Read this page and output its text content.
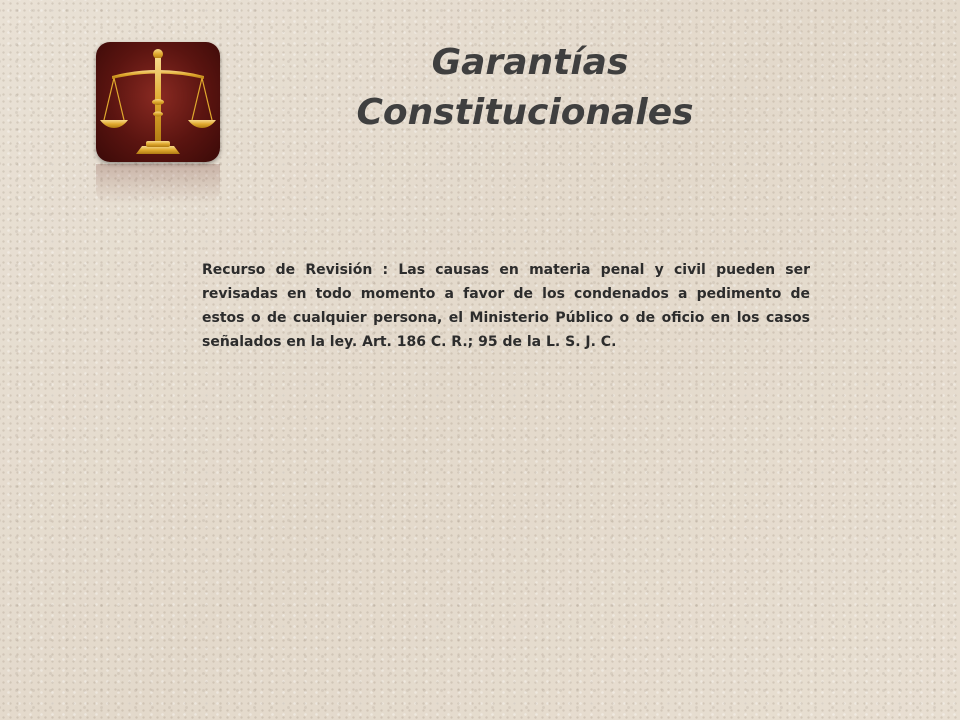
Garantías
Constitucionales

Recurso de Revisión : Las causas en materia penal y civil pueden ser revisadas en todo momento a favor de los condenados a pedimento de estos o de cualquier persona, el Ministerio Público o de oficio en los casos señalados en la ley. Art. 186 C. R.; 95 de la L. S. J. C.
